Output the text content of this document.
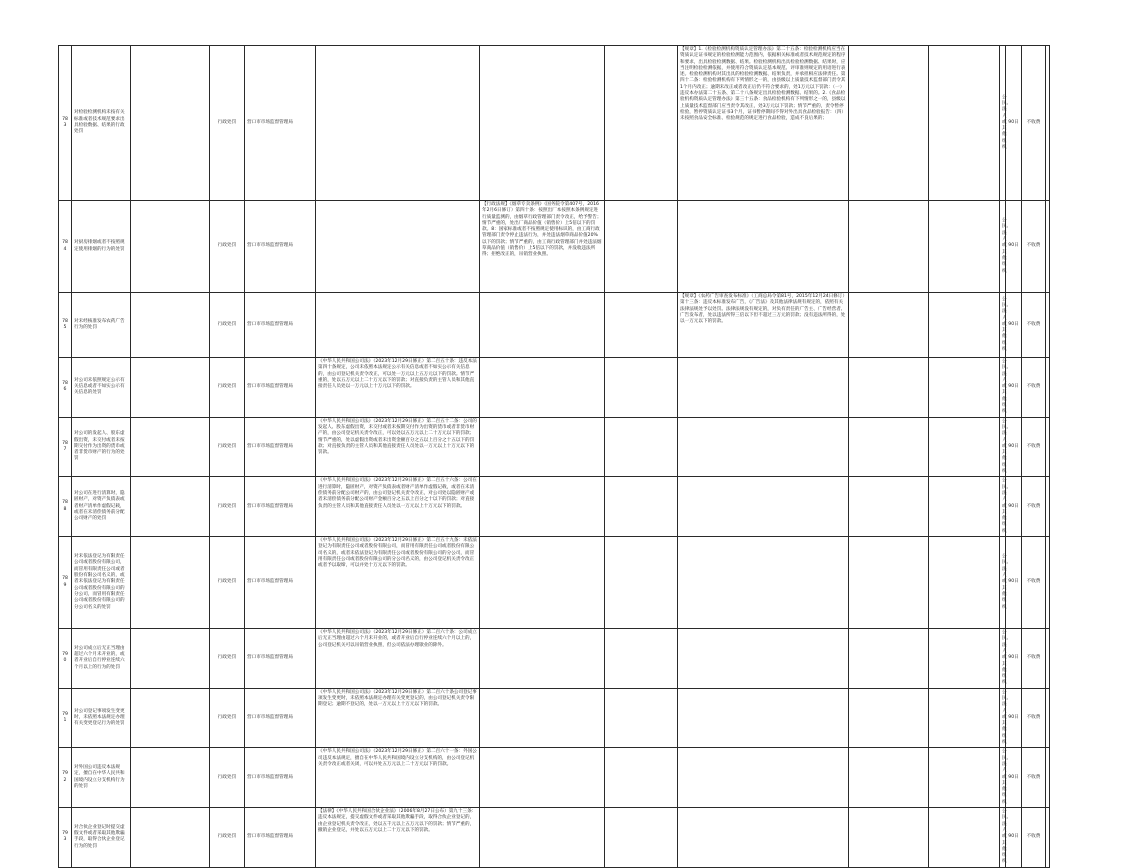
783	对检验检测机构未按有关标准或者技术规范要求出具检验数据、结果的行政处罚		行政处罚	营口市市场监督管理局				【规章】1.《检验检测机构资质认定管理办法》第二十五条：检验检测机构应当在资质认定证书规定的检验检测能力范围内，依据相关标准或者技术规范规定的程序和要求，出具检验检测数据、结果。检验检测机构出具检验检测数据、结果时，应当注明检验检测依据，并使用符合资质认定基本规范、评审准则规定的用语进行表述。检验检测机构对其出具的检验检测数据、结果负责，并承担相应法律责任。第四十二条：检验检测机构有下列情形之一的，由县级以上质量技术监督部门责令其1个月内改正；逾期未改正或者改正后仍不符合要求的，处1万元以下罚款：（一）违反本办法第二十五条、第二十八条规定出具检验检测数据、结果的。2.《食品检验机构资质认定管理办法》第三十五条：食品检验机构有下列情形之一的，县级以上质量技术监督部门应当责令其改正，处3万元以下罚款；情节严重的，责令暂停检验，暂停资质认定证书3个月，证书暂停期间不得对外出具食品检验报告：（四）未按照食品安全标准、检验规范的规定进行食品检验，造成不良后果的；			公民、法人或其他组织	90日	不收费	
784	对厨房排烟或者不按照规定使用排烟的行为的处罚		行政处罚	营口市市场监督管理局		【行政法规】《烟草专卖条例》（国务院令第407号，2016年2月6日修订）第四十条：按照出厂本按照本条例规定进行质量监测的，由烟草行政管理部门责令改正，给予警告；情节严重的，处出厂商品价值（销售价）上5倍以下的罚款。8：国家标准或者不按照规定使用标识的，由工商行政管理部门责令停止违法行为，并处违法烟草商品价值20%以下的罚款；情节严重的，由工商行政管理部门并处违法烟草商品价值（销售价）上5倍以下的罚款，并没收违法所得；拒绝改正的，吊销营业执照。					公民、法人或其他组织	90日	不收费	
785	对未经核准发布农药广告行为的处罚		行政处罚	营口市市场监督管理局				【规章】《农药广告审查发布标准》（工商总局令第81号，2015年12月24日修订）第十三条：违反本标准发布广告，《广告法》及其他法律法规有规定的，依照有关法律法规处予以处罚。法律法规没有规定的，对负有责任的广告主、广告经营者、广告发布者，处以违法所得三倍以下但不超过三万元的罚款；没有违法所得的，处以一万元以下的罚款。			公民、法人或其他组织	90日	不收费	
786	对公司未依照规定公示有关信息或者不如实公示有关信息的处罚		行政处罚	营口市市场监督管理局	《中华人民共和国公司法》（2023年12月29日修正）第二百五十条：违反本法第四十条规定，公司未依照本法规定公示有关信息或者不如实公示有关信息的，由公司登记机关责令改正，可以处一万元以上五万元以下的罚款。情节严重的，处以五万元以上二十万元以下的罚款；对直接负责的主管人员和其他直接责任人员处以一万元以上十万元以下的罚款。						公民、法人或其他组织	90日	不收费	
787	对公司的发起人、股东虚假出资，未交付或者未按期交付作为出资的货币或者非货币财产的行为的处罚		行政处罚	营口市市场监督管理局	《中华人民共和国公司法》（2023年12月29日修正）第二百五十二条：公司的发起人、股东虚假出资，未交付或者未按期交付作为出资的货币或者非货币财产的，由公司登记机关责令改正，可以处以五万元以上二十万元以下的罚款；情节严重的，处以虚假出资或者未出资金额百分之五以上百分之十五以下的罚款；对直接负责的主管人员和其他直接责任人员处以一万元以上十万元以下的罚款。						公民、法人或其他组织	90日	不收费	
788	对公司在进行清算时，隐匿财产，对资产负债表或者财产清单作虚假记载，或者在未清偿债务前分配公司财产的处罚		行政处罚	营口市市场监督管理局	《中华人民共和国公司法》（2023年12月29日修正）第二百五十六条：公司在进行清算时，隐匿财产，对资产负债表或者财产清单作虚假记载，或者在未清偿债务前分配公司财产的，由公司登记机关责令改正，对公司处以隐匿财产或者未清偿债务前分配公司财产金额百分之五以上百分之十以下的罚款；对直接负责的主管人员和其他直接责任人员处以一万元以上十万元以下的罚款。						公民、法人或其他组织	90日	不收费	
789	对未依法登记为有限责任公司或者股份有限公司，而冒用有限责任公司或者股份有限公司名义的，或者未依法登记为有限责任公司或者股份有限公司的分公司，而冒用有限责任公司或者股份有限公司的分公司名义的处罚		行政处罚	营口市市场监督管理局	《中华人民共和国公司法》（2023年12月29日修正）第二百五十九条：未依法登记为有限责任公司或者股份有限公司，而冒用有限责任公司或者股份有限公司名义的，或者未依法登记为有限责任公司或者股份有限公司的分公司，而冒用有限责任公司或者股份有限公司的分公司名义的，由公司登记机关责令改正或者予以取缔，可以并处十万元以下的罚款。						公民、法人或其他组织	90日	不收费	
790	对公司成立后无正当理由超过六个月未开业的，或者开业后自行停业连续六个月以上的行为的处罚		行政处罚	营口市市场监督管理局	《中华人民共和国公司法》（2023年12月29日修正）第二百六十条：公司成立后无正当理由超过六个月未开业的，或者开业后自行停业连续六个月以上的，公司登记机关可以吊销营业执照，但公司依法办理歇业的除外。						公民、法人或其他组织	90日	不收费	
791	对公司登记事项发生变更时，未依照本法规定办理有关变更登记行为的处罚		行政处罚	营口市市场监督管理局	《中华人民共和国公司法》（2023年12月29日修正）第二百六十条公司登记事项发生变更时，未依照本法规定办理有关变更登记的，由公司登记机关责令限期登记；逾期不登记的，处以一万元以上十万元以下的罚款。						公民、法人或其他组织	90日	不收费	
792	对外国公司违反本法规定，擅自在中华人民共和国境内设立分支机构行为的处罚		行政处罚	营口市市场监督管理局	《中华人民共和国公司法》（2023年12月29日修正）第二百六十一条：外国公司违反本法规定，擅自在中华人民共和国境内设立分支机构的，由公司登记机关责令改正或者关闭，可以并处五万元以上二十万元以下的罚款。						公民、法人或其他组织	90日	不收费	
793	对合伙企业登记时提交虚假文件或者采取其他欺骗手段，取得合伙企业登记行为的处罚		行政处罚	营口市市场监督管理局	【法律】《中华人民共和国合伙企业法》（2006年8月27日公布）第九十三条：违反本法规定，提交虚假文件或者采取其他欺骗手段，取得合伙企业登记的，由企业登记机关责令改正，处以五千元以上五万元以下的罚款；情节严重的，撤销企业登记，并处以五万元以上二十万元以下的罚款。						公民、法人或其他组织	90日	不收费	
